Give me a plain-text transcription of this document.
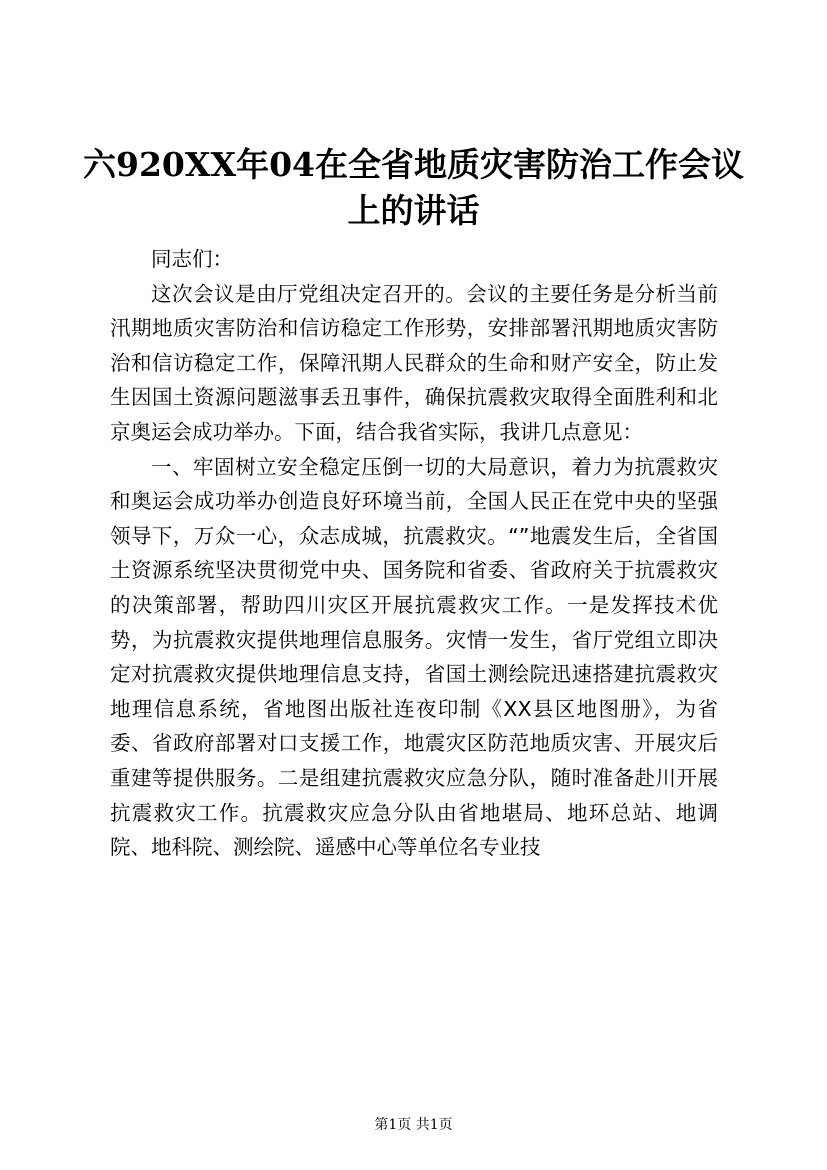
六920XX年04在全省地质灾害防治工作会议
上的讲话

同志们：

这次会议是由厅党组决定召开的。会议的主要任务是分析当前汛期地质灾害防治和信访稳定工作形势，安排部署汛期地质灾害防治和信访稳定工作，保障汛期人民群众的生命和财产安全，防止发生因国土资源问题滋事丢丑事件，确保抗震救灾取得全面胜利和北京奥运会成功举办。下面，结合我省实际，我讲几点意见：

一、牢固树立安全稳定压倒一切的大局意识，着力为抗震救灾和奥运会成功举办创造良好环境当前，全国人民正在党中央的坚强领导下，万众一心，众志成城，抗震救灾。“”地震发生后，全省国土资源系统坚决贯彻党中央、国务院和省委、省政府关于抗震救灾的决策部署，帮助四川灾区开展抗震救灾工作。一是发挥技术优势，为抗震救灾提供地理信息服务。灾情一发生，省厅党组立即决定对抗震救灾提供地理信息支持，省国土测绘院迅速搭建抗震救灾地理信息系统，省地图出版社连夜印制《XX县区地图册》，为省委、省政府部署对口支援工作，地震灾区防范地质灾害、开展灾后重建等提供服务。二是组建抗震救灾应急分队，随时准备赴川开展抗震救灾工作。抗震救灾应急分队由省地堪局、地环总站、地调院、地科院、测绘院、遥感中心等单位名专业技

第1页 共1页
